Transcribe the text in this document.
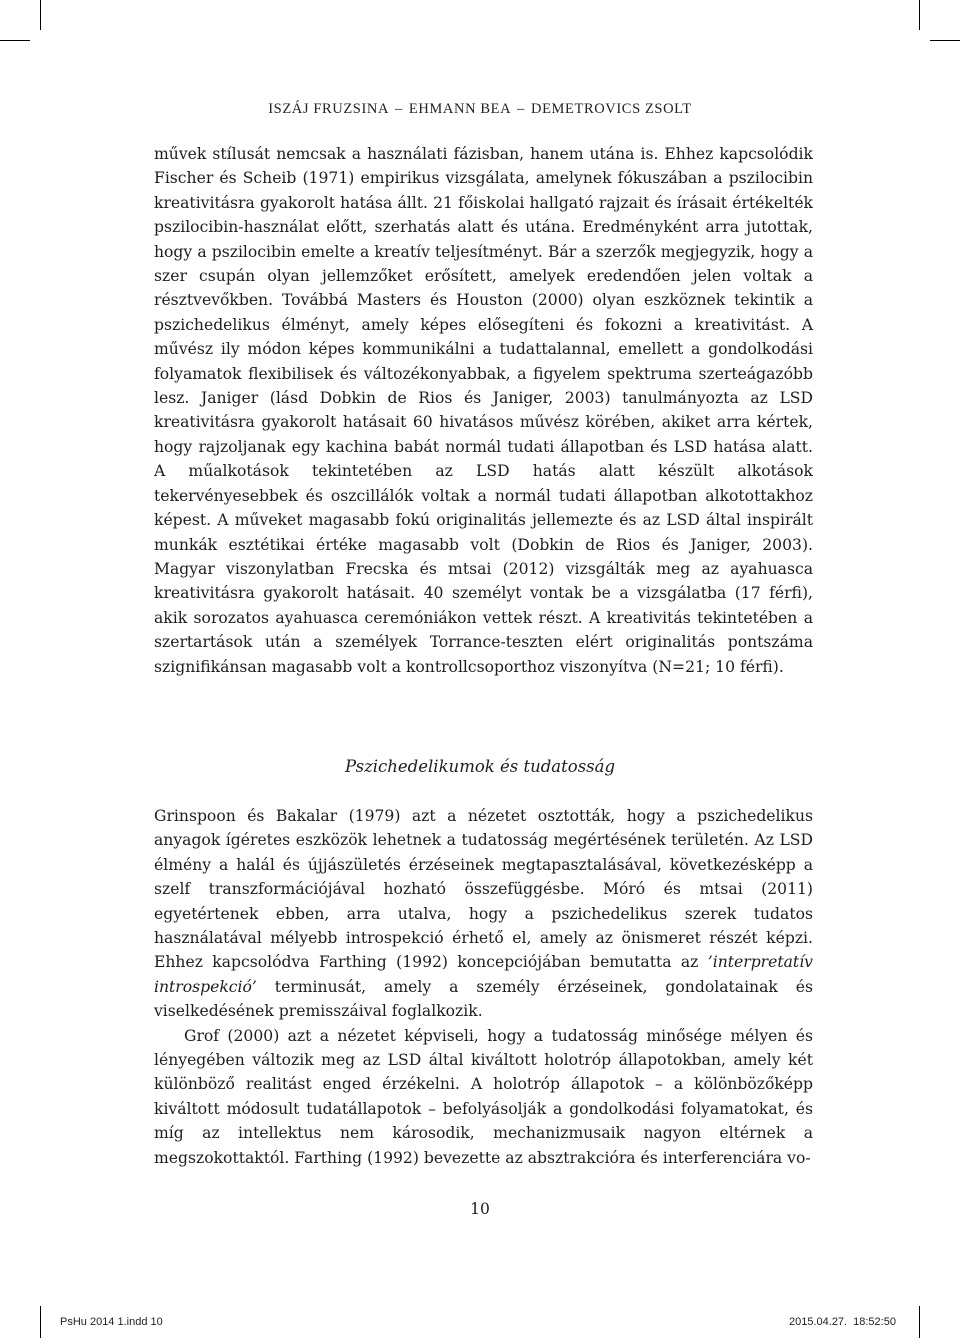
ISZÁJ FRUZSINA – EHMANN BEA – DEMETROVICS ZSOLT

művek stílusát nemcsak a használati fázisban, hanem utána is. Ehhez kapcsolódik Fischer és Scheib (1971) empirikus vizsgálata, amelynek fókuszában a pszilocibin kreativitásra gyakorolt hatása állt. 21 főiskolai hallgató rajzait és írásait értékelték pszilocibin-használat előtt, szerhatás alatt és utána. Eredményként arra jutottak, hogy a pszilocibin emelte a kreatív teljesítményt. Bár a szerzők megjegyzik, hogy a szer csupán olyan jellemzőket erősített, amelyek eredendően jelen voltak a résztvevőkben. Továbbá Masters és Houston (2000) olyan eszköznek tekintik a pszichedelikus élményt, amely képes elősegíteni és fokozni a kreativitást. A művész ily módon képes kommunikálni a tudattalannal, emellett a gondolkodási folyamatok flexibilisek és változékonyabbak, a figyelem spektruma szerteágazóbb lesz. Janiger (lásd Dobkin de Rios és Janiger, 2003) tanulmányozta az LSD kreativitásra gyakorolt hatásait 60 hivatásos művész körében, akiket arra kértek, hogy rajzoljanak egy kachina babát normál tudati állapotban és LSD hatása alatt. A műalkotások tekintetében az LSD hatás alatt készült alkotások tekervényesebbek és oszcillálók voltak a normál tudati állapotban alkotottakhoz képest. A műveket magasabb fokú originalitás jellemezte és az LSD által inspirált munkák esztétikai értéke magasabb volt (Dobkin de Rios és Janiger, 2003). Magyar viszonylatban Frecska és mtsai (2012) vizsgálták meg az ayahuasca kreativitásra gyakorolt hatásait. 40 személyt vontak be a vizsgálatba (17 férfi), akik sorozatos ayahuasca ceremóniákon vettek részt. A kreativitás tekintetében a szertartások után a személyek Torrance-teszten elért originalitás pontszáma szignifikánsan magasabb volt a kontrollcsoporthoz viszonyítva (N=21; 10 férfi).

Pszichedelikumok és tudatosság

Grinspoon és Bakalar (1979) azt a nézetet osztották, hogy a pszichedelikus anyagok ígéretes eszközök lehetnek a tudatosság megértésének területén. Az LSD élmény a halál és újjászületés érzéseinek megtapasztalásával, következésképp a szelf transzformációjával hozható összefüggésbe. Móró és mtsai (2011) egyetértenek ebben, arra utalva, hogy a pszichedelikus szerek tudatos használatával mélyebb introspekció érhető el, amely az önismeret részét képzi. Ehhez kapcsolódva Farthing (1992) koncepciójában bemutatta az ’interpretatív introspekció’ terminusát, amely a személy érzéseinek, gondolatainak és viselkedésének premisszáival foglalkozik.

Grof (2000) azt a nézetet képviseli, hogy a tudatosság minősége mélyen és lényegében változik meg az LSD által kiváltott holotróp állapotokban, amely két különböző realitást enged érzékelni. A holotróp állapotok – a kölönbözőképp kiváltott módosult tudatállapotok – befolyásolják a gondolkodási folyamatokat, és míg az intellektus nem károsodik, mechanizmusaik nagyon eltérnek a megszokottaktól. Farthing (1992) bevezette az absztrakcióra és interferenciára vo-

10
PsHu 2014 1.indd 10	2015.04.27. 18:52:50
